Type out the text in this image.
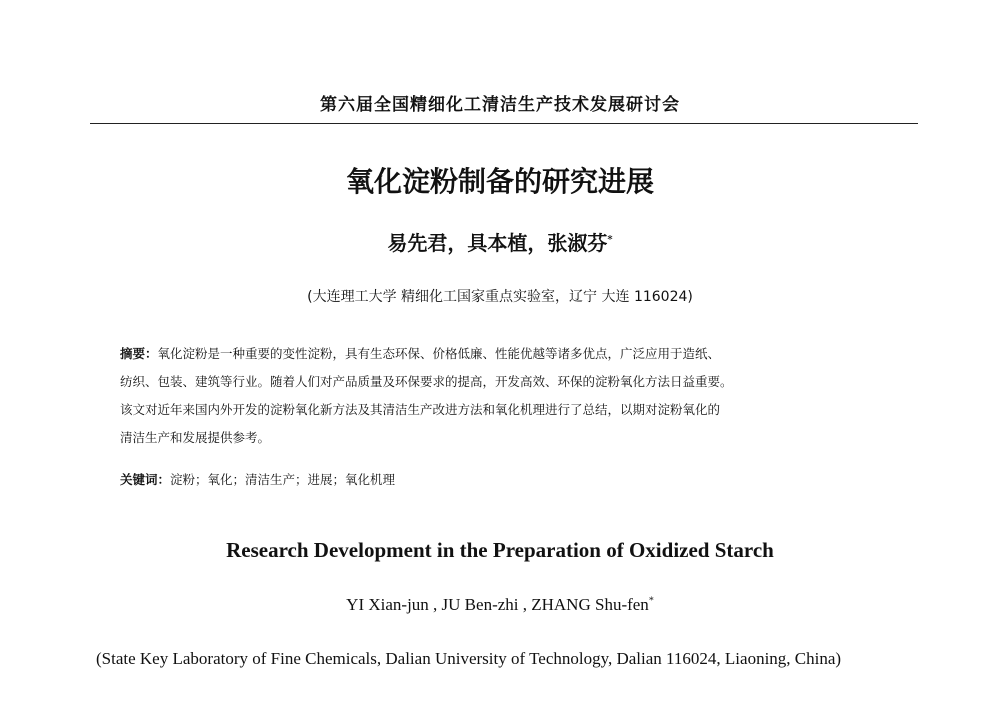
第六届全国精细化工清洁生产技术发展研讨会
氧化淀粉制备的研究进展
易先君，具本植，张淑芬*
(大连理工大学 精细化工国家重点实验室，辽宁 大连 116024)
摘要：氧化淀粉是一种重要的变性淀粉，具有生态环保、价格低廉、性能优越等诸多优点，广泛应用于造纸、
纺织、包装、建筑等行业。随着人们对产品质量及环保要求的提高，开发高效、环保的淀粉氧化方法日益重要。
该文对近年来国内外开发的淀粉氧化新方法及其清洁生产改进方法和氧化机理进行了总结，以期对淀粉氧化的
清洁生产和发展提供参考。
关键词：淀粉；氧化；清洁生产；进展；氧化机理
Research Development in the Preparation of Oxidized Starch
YI Xian-jun , JU Ben-zhi , ZHANG Shu-fen*
(State Key Laboratory of Fine Chemicals, Dalian University of Technology, Dalian 116024, Liaoning, China)
